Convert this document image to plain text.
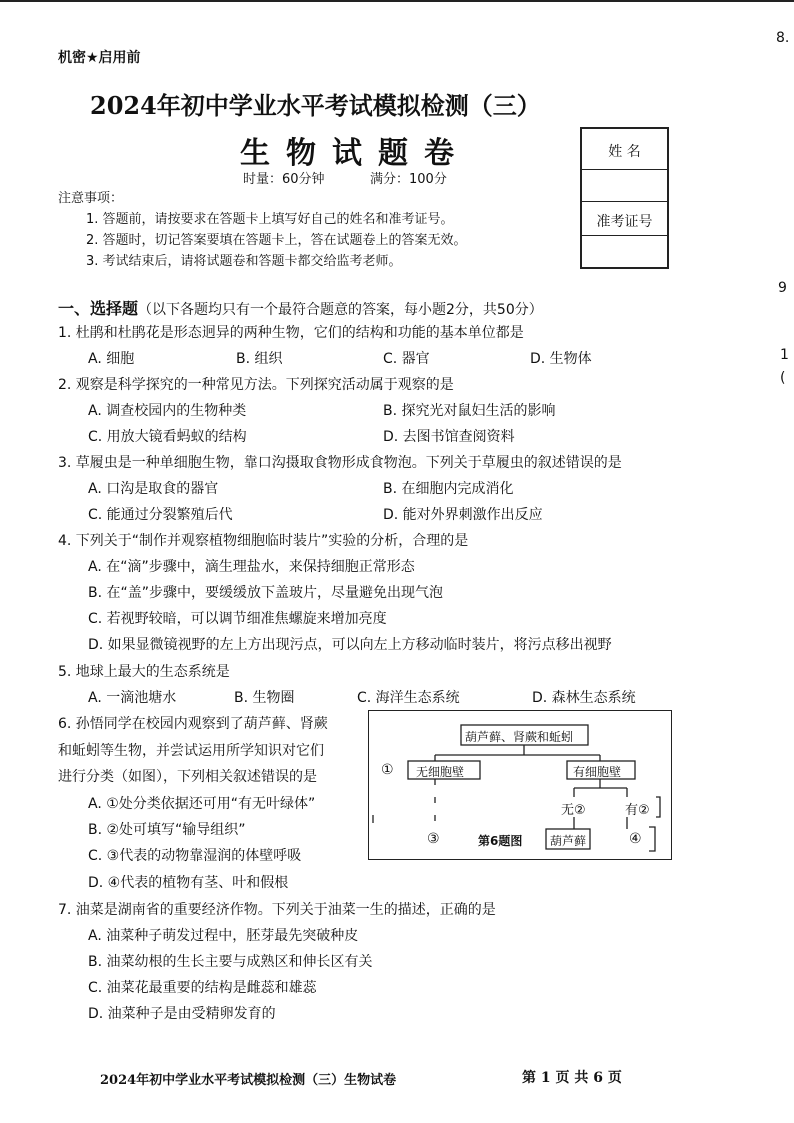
机密★启用前
2024年初中学业水平考试模拟检测（三）
生物试题卷
时量：60分钟	满分：100分
姓 名
准考证号
8.
9
1
(
注意事项：
1. 答题前，请按要求在答题卡上填写好自己的姓名和准考证号。
2. 答题时，切记答案要填在答题卡上，答在试题卷上的答案无效。
3. 考试结束后，请将试题卷和答题卡都交给监考老师。
一、选择题（以下各题均只有一个最符合题意的答案，每小题2分，共50分）
1. 杜鹃和杜鹃花是形态迥异的两种生物，它们的结构和功能的基本单位都是
A. 细胞	B. 组织	C. 器官	D. 生物体
2. 观察是科学探究的一种常见方法。下列探究活动属于观察的是
A. 调查校园内的生物种类	B. 探究光对鼠妇生活的影响
C. 用放大镜看蚂蚁的结构	D. 去图书馆查阅资料
3. 草履虫是一种单细胞生物，靠口沟摄取食物形成食物泡。下列关于草履虫的叙述错误的是
A. 口沟是取食的器官	B. 在细胞内完成消化
C. 能通过分裂繁殖后代	D. 能对外界刺激作出反应
4. 下列关于“制作并观察植物细胞临时装片”实验的分析，合理的是
A. 在“滴”步骤中，滴生理盐水，来保持细胞正常形态
B. 在“盖”步骤中，要缓缓放下盖玻片，尽量避免出现气泡
C. 若视野较暗，可以调节细准焦螺旋来增加亮度
D. 如果显微镜视野的左上方出现污点，可以向左上方移动临时装片，将污点移出视野
5. 地球上最大的生态系统是
A. 一滴池塘水	B. 生物圈	C. 海洋生态系统	D. 森林生态系统
6. 孙悟同学在校园内观察到了葫芦藓、肾蕨
和蚯蚓等生物，并尝试运用所学知识对它们
进行分类（如图），下列相关叙述错误的是
A. ①处分类依据还可用“有无叶绿体”
B. ②处可填写“输导组织”
C. ③代表的动物靠湿润的体壁呼吸
D. ④代表的植物有茎、叶和假根
葫芦藓、肾蕨和蚯蚓
① 无细胞壁	有细胞壁
无②	有②
③	第6题图 葫芦藓	④
7. 油菜是湖南省的重要经济作物。下列关于油菜一生的描述，正确的是
A. 油菜种子萌发过程中，胚芽最先突破种皮
B. 油菜幼根的生长主要与成熟区和伸长区有关
C. 油菜花最重要的结构是雌蕊和雄蕊
D. 油菜种子是由受精卵发育的
2024年初中学业水平考试模拟检测（三）生物试卷	第 1 页 共 6 页
